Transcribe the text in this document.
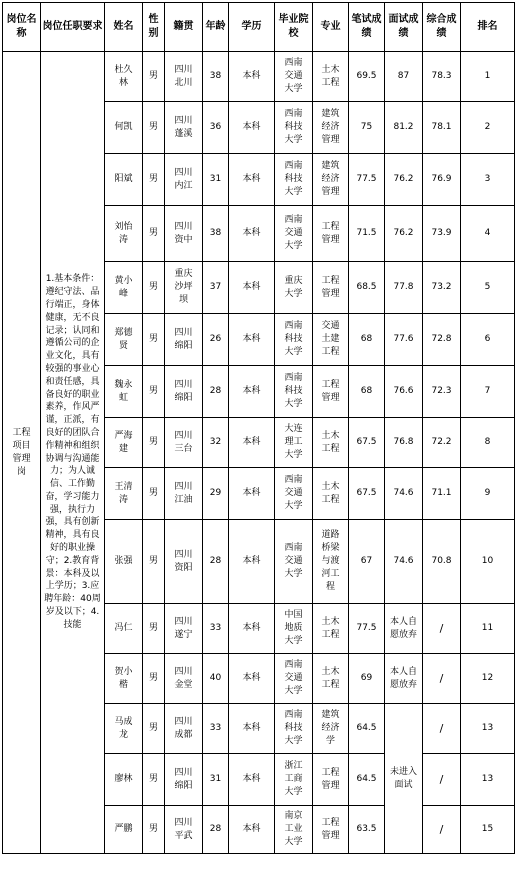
岗位名称	岗位任职要求	姓名	性别	籍贯	年龄	学历	毕业院校	专业	笔试成绩	面试成绩	综合成绩	排名
工程项目管理岗	1.基本条件：遵纪守法、品行端正，身体健康，无不良记录；认同和遵循公司的企业文化，具有较强的事业心和责任感，具备良好的职业素养，作风严谨，正派，有良好的团队合作精神和组织协调与沟通能力；为人诚信、工作勤奋，学习能力强，执行力强，具有创新精神，具有良好的职业操守；2.教育背景：本科及以上学历；3.应聘年龄：40周岁及以下；4.技能	杜久林	男	四川北川	38	本科	西南交通大学	土木工程	69.5	87	78.3	1
		何凯	男	四川蓬溪	36	本科	西南科技大学	建筑经济管理	75	81.2	78.1	2
		阳斌	男	四川内江	31	本科	西南科技大学	建筑经济管理	77.5	76.2	76.9	3
		刘怡涛	男	四川资中	38	本科	西南交通大学	工程管理	71.5	76.2	73.9	4
		黄小峰	男	重庆沙坪坝	37	本科	重庆大学	工程管理	68.5	77.8	73.2	5
		郑德贤	男	四川绵阳	26	本科	西南科技大学	交通土建工程	68	77.6	72.8	6
		魏永虹	男	四川绵阳	28	本科	西南科技大学	工程管理	68	76.6	72.3	7
		严海建	男	四川三台	32	本科	大连理工大学	土木工程	67.5	76.8	72.2	8
		王清涛	男	四川江油	29	本科	西南交通大学	土木工程	67.5	74.6	71.1	9
		张强	男	四川资阳	28	本科	西南交通大学	道路桥梁与渡河工程	67	74.6	70.8	10
		冯仁	男	四川遂宁	33	本科	中国地质大学	土木工程	77.5	本人自愿放弃	/	11
		贺小楷	男	四川金堂	40	本科	西南交通大学	土木工程	69	本人自愿放弃	/	12
		马成龙	男	四川成都	33	本科	西南科技大学	建筑经济学	64.5	未进入面试	/	13
		廖林	男	四川绵阳	31	本科	浙江工商大学	工程管理	64.5		/	13
		严鹏	男	四川平武	28	本科	南京工业大学	工程管理	63.5		/	15
